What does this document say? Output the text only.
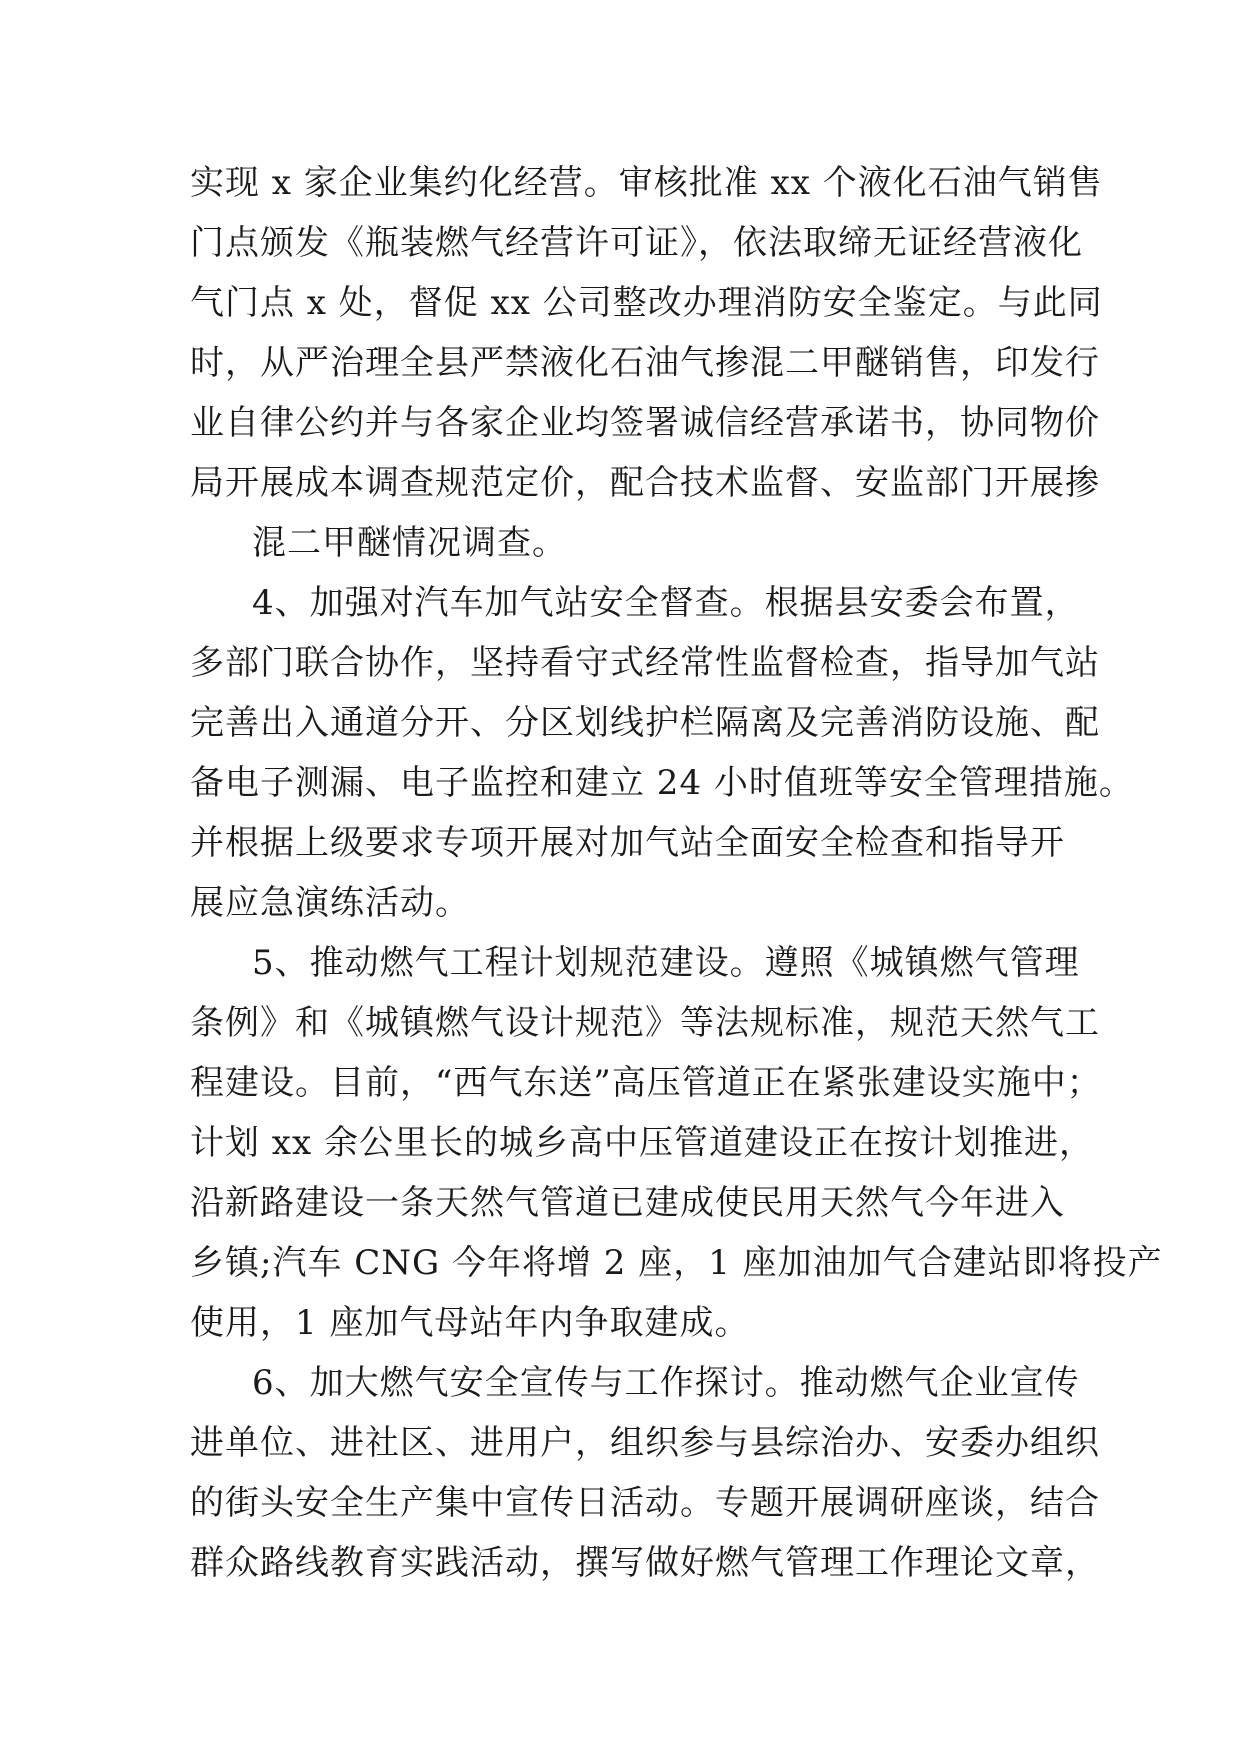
实现 x 家企业集约化经营。审核批准 xx 个液化石油气销售
门点颁发《瓶装燃气经营许可证》，依法取缔无证经营液化
气门点 x 处，督促 xx 公司整改办理消防安全鉴定。与此同
时，从严治理全县严禁液化石油气掺混二甲醚销售，印发行
业自律公约并与各家企业均签署诚信经营承诺书，协同物价
局开展成本调查规范定价，配合技术监督、安监部门开展掺
混二甲醚情况调查。
4、加强对汽车加气站安全督查。根据县安委会布置，
多部门联合协作，坚持看守式经常性监督检查，指导加气站
完善出入通道分开、分区划线护栏隔离及完善消防设施、配
备电子测漏、电子监控和建立 24 小时值班等安全管理措施。
并根据上级要求专项开展对加气站全面安全检查和指导开
展应急演练活动。
5、推动燃气工程计划规范建设。遵照《城镇燃气管理
条例》和《城镇燃气设计规范》等法规标准，规范天然气工
程建设。目前，“西气东送”高压管道正在紧张建设实施中；
计划 xx 余公里长的城乡高中压管道建设正在按计划推进，
沿新路建设一条天然气管道已建成使民用天然气今年进入
乡镇;汽车 CNG 今年将增 2 座，1 座加油加气合建站即将投产
使用，1 座加气母站年内争取建成。
6、加大燃气安全宣传与工作探讨。推动燃气企业宣传
进单位、进社区、进用户，组织参与县综治办、安委办组织
的街头安全生产集中宣传日活动。专题开展调研座谈，结合
群众路线教育实践活动，撰写做好燃气管理工作理论文章，
